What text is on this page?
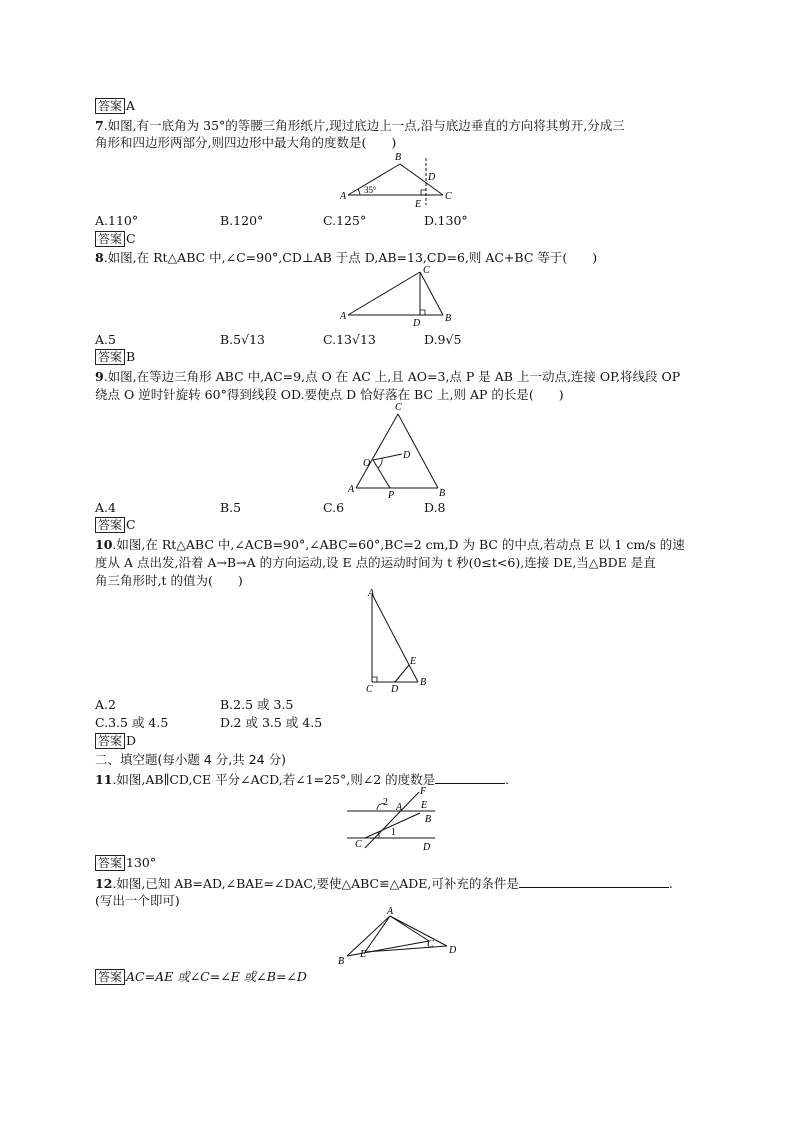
答案 A
7.如图,有一底角为 35°的等腰三角形纸片,现过底边上一点,沿与底边垂直的方向将其剪开,分成三
角形和四边形两部分,则四边形中最大角的度数是(　　)
A
B
C
D
E
35°
A.110°	B.120°	C.125°	D.130°
答案 C
8.如图,在 Rt△ABC 中,∠C=90°,CD⊥AB 于点 D,AB=13,CD=6,则 AC+BC 等于(　　)
A
C
D B
A.5	B.5√13	C.13√13	D.9√5
答案 B
9.如图,在等边三角形 ABC 中,AC=9,点 O 在 AC 上,且 AO=3,点 P 是 AB 上一动点,连接 OP,将线段 OP
绕点 O 逆时针旋转 60°得到线段 OD.要使点 D 恰好落在 BC 上,则 AP 的长是(　　)
C
O
D
A
P	B
A.4	B.5	C.6	D.8
答案 C
10.如图,在 Rt△ABC 中,∠ACB=90°,∠ABC=60°,BC=2 cm,D 为 BC 的中点,若动点 E 以 1 cm/s 的速
度从 A 点出发,沿着 A→B→A 的方向运动,设 E 点的运动时间为 t 秒(0≤t<6),连接 DE,当△BDE 是直
角三角形时,t 的值为(　　)
A
E
C D
B
A.2	B.2.5 或 3.5
C.3.5 或 4.5	D.2 或 3.5 或 4.5
答案 D
二、填空题(每小题 4 分,共 24 分)
11.如图,AB∥CD,CE 平分∠ACD,若∠1=25°,则∠2 的度数是	.
F
2 A E
B
1
C	D
答案 130°
12.如图,已知 AB=AD,∠BAE=∠DAC,要使△ABC≌△ADE,可补充的条件是	.
(写出一个即可)
A
C
D
E
B
答案 AC=AE 或∠C=∠E 或∠B=∠D
